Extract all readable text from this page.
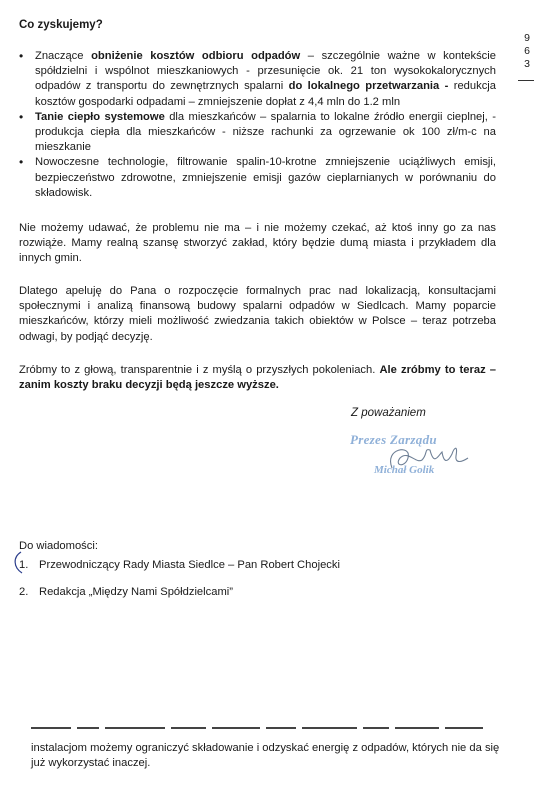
Co zyskujemy?
9
6
3
• Znaczące obniżenie kosztów odbioru odpadów – szczególnie ważne w kontekście spółdzielni i wspólnot mieszkaniowych - przesunięcie ok. 21 ton wysokokalorycznych odpadów z transportu do zewnętrznych spalarni do lokalnego przetwarzania - redukcja kosztów gospodarki odpadami – zmniejszenie dopłat z 4,4 mln do 1.2 mln
• Tanie ciepło systemowe dla mieszkańców – spalarnia to lokalne źródło energii cieplnej, - produkcja ciepła dla mieszkańców - niższe rachunki za ogrzewanie ok 100 zł/m-c na mieszkanie
• Nowoczesne technologie, filtrowanie spalin-10-krotne zmniejszenie uciążliwych emisji, bezpieczeństwo zdrowotne, zmniejszenie emisji gazów cieplarnianych w porównaniu do składowisk.

Nie możemy udawać, że problemu nie ma – i nie możemy czekać, aż ktoś inny go za nas rozwiąże. Mamy realną szansę stworzyć zakład, który będzie dumą miasta i przykładem dla innych gmin.

Dlatego apeluję do Pana o rozpoczęcie formalnych prac nad lokalizacją, konsultacjami społecznymi i analizą finansową budowy spalarni odpadów w Siedlcach. Mamy poparcie mieszkańców, którzy mieli możliwość zwiedzania takich obiektów w Polsce – teraz potrzeba odwagi, by podjąć decyzję.

Zróbmy to z głową, transparentnie i z myślą o przyszłych pokoleniach. Ale zróbmy to teraz – zanim koszty braku decyzji będą jeszcze wyższe.

Z poważaniem
Prezes Zarządu
Michał Golik
Do wiadomości:
1. Przewodniczący Rady Miasta Siedlce – Pan Robert Chojecki
2. Redakcja „Między Nami Spółdzielcami”

instalacjom możemy ograniczyć składowanie i odzyskać energię z odpadów, których nie da się już wykorzystać inaczej.
